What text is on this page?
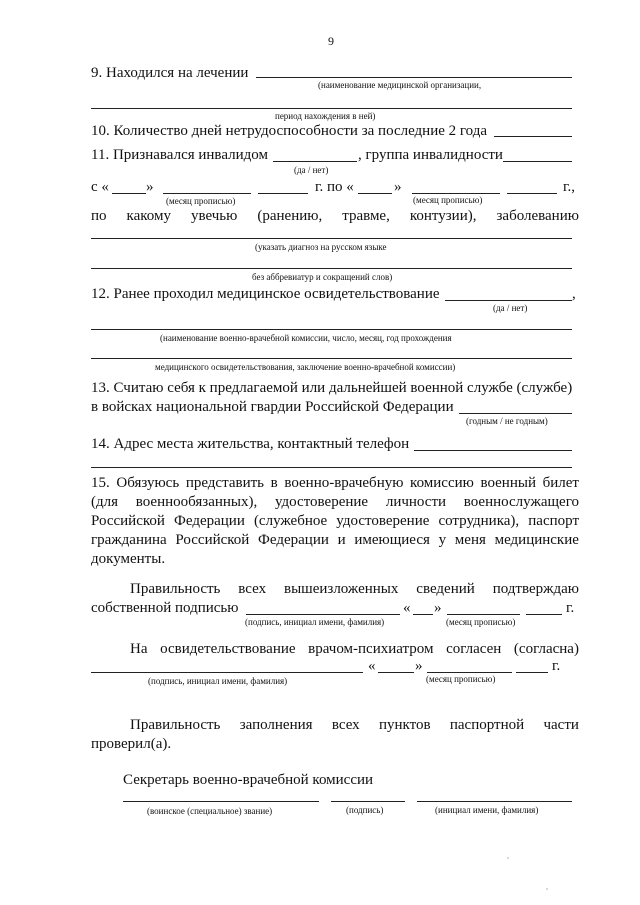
9
9. Находился на лечении
(наименование медицинской организации,
период нахождения в ней)
10. Количество дней нетрудоспособности за последние 2 года
11. Признавался инвалидом	, группа инвалидности
(да / нет)
с « »	г. по «	»	г.,
(месяц прописью)	(месяц прописью)
по какому увечью (ранению, травме, контузии), заболеванию
(указать диагноз на русском языке
без аббревиатур и сокращений слов)
12. Ранее проходил медицинское освидетельствование	,
(да / нет)
(наименование военно-врачебной комиссии, число, месяц, год прохождения
медицинского освидетельствования, заключение военно-врачебной комиссии)
13. Считаю себя к предлагаемой или дальнейшей военной службе (службе)
в войсках национальной гвардии Российской Федерации
(годным / не годным)
14. Адрес места жительства, контактный телефон
15. Обязуюсь представить в военно-врачебную комиссию военный билет
(для военнообязанных), удостоверение личности военнослужащего
Российской Федерации (служебное удостоверение сотрудника), паспорт
гражданина Российской Федерации и имеющиеся у меня медицинские
документы.
Правильность всех вышеизложенных сведений подтверждаю
собственной подписью	« »	г.
(подпись, инициал имени, фамилия)	(месяц прописью)
На освидетельствование врачом-психиатром согласен (согласна)
«	»	г.
(подпись, инициал имени, фамилия)	(месяц прописью)
Правильность заполнения всех пунктов паспортной части
проверил(а).
Секретарь военно-врачебной комиссии
(воинское (специальное) звание)	(подпись)	(инициал имени, фамилия)
